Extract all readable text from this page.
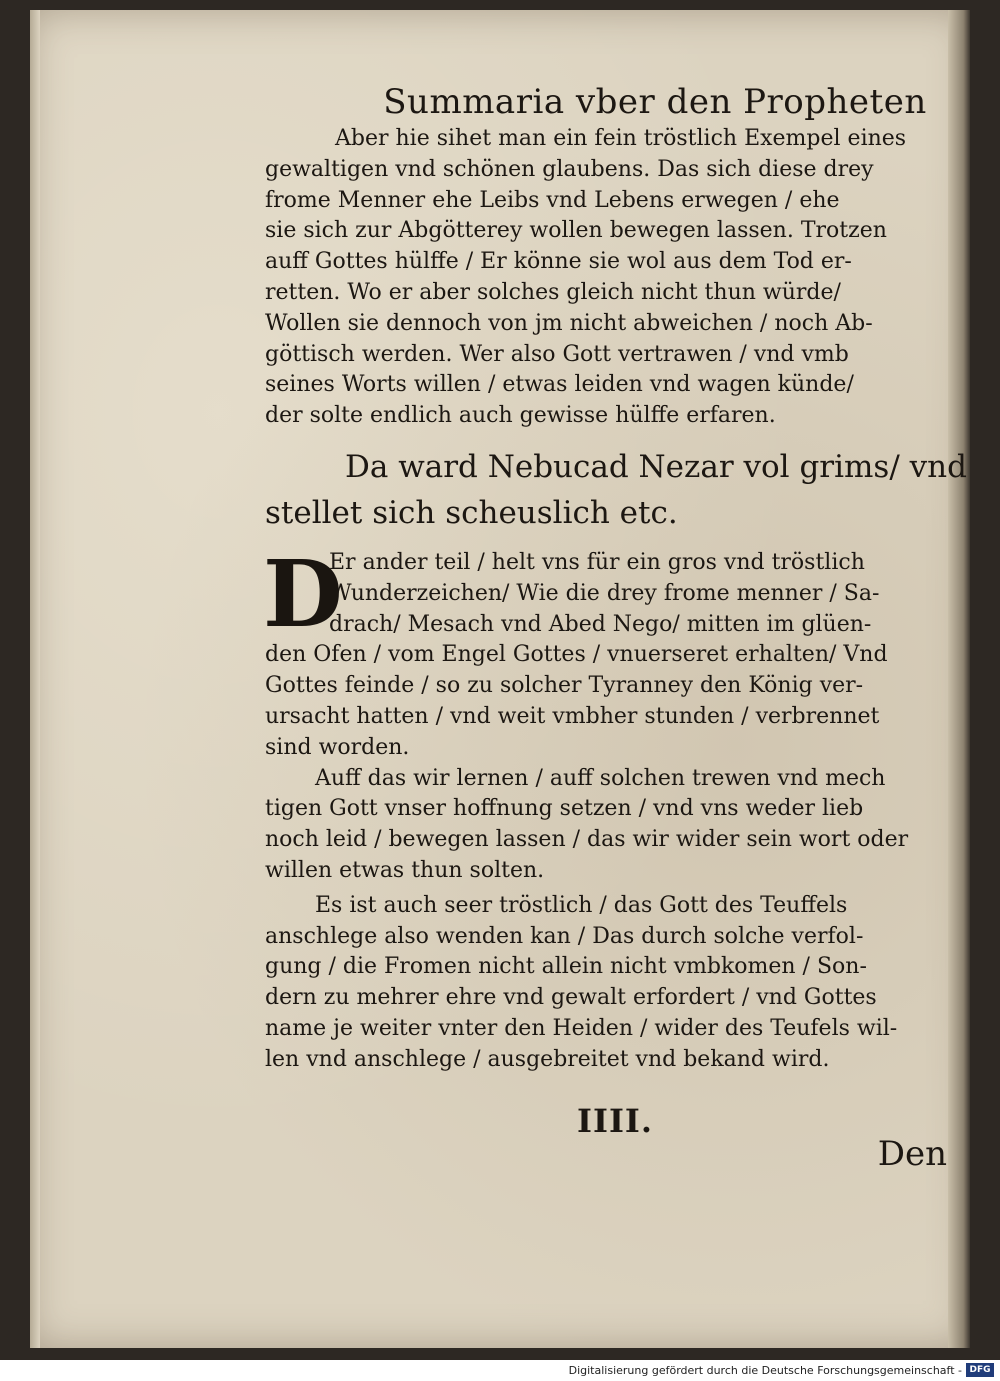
Summaria vber den Propheten
Aber hie sihet man ein fein tröstlich Exempel eines
gewaltigen vnd schönen glaubens. Das sich diese drey
frome Menner ehe Leibs vnd Lebens erwegen / ehe
sie sich zur Abgötterey wollen bewegen lassen. Trotzen
auff Gottes hülffe / Er könne sie wol aus dem Tod er-
retten. Wo er aber solches gleich nicht thun würde/
Wollen sie dennoch von jm nicht abweichen / noch Ab-
göttisch werden. Wer also Gott vertrawen / vnd vmb
seines Worts willen / etwas leiden vnd wagen künde/
der solte endlich auch gewisse hülffe erfaren.
Da ward Nebucad Nezar vol grims/ vnd
stellet sich scheuslich etc.
D
Er ander teil / helt vns für ein gros vnd tröstlich
Wunderzeichen/ Wie die drey frome menner / Sa-
drach/ Mesach vnd Abed Nego/ mitten im glüen-
den Ofen / vom Engel Gottes / vnuerseret erhalten/ Vnd
Gottes feinde / so zu solcher Tyranney den König ver-
ursacht hatten / vnd weit vmbher stunden / verbrennet
sind worden.
Auff das wir lernen / auff solchen trewen vnd mech
tigen Gott vnser hoffnung setzen / vnd vns weder lieb
noch leid / bewegen lassen / das wir wider sein wort oder
willen etwas thun solten.
Es ist auch seer tröstlich / das Gott des Teuffels
anschlege also wenden kan / Das durch solche verfol-
gung / die Fromen nicht allein nicht vmbkomen / Son-
dern zu mehrer ehre vnd gewalt erfordert / vnd Gottes
name je weiter vnter den Heiden / wider des Teufels wil-
len vnd anschlege / ausgebreitet vnd bekand wird.
IIII.
Den
Digitalisierung gefördert durch die Deutsche Forschungsgemeinschaft - DFG
